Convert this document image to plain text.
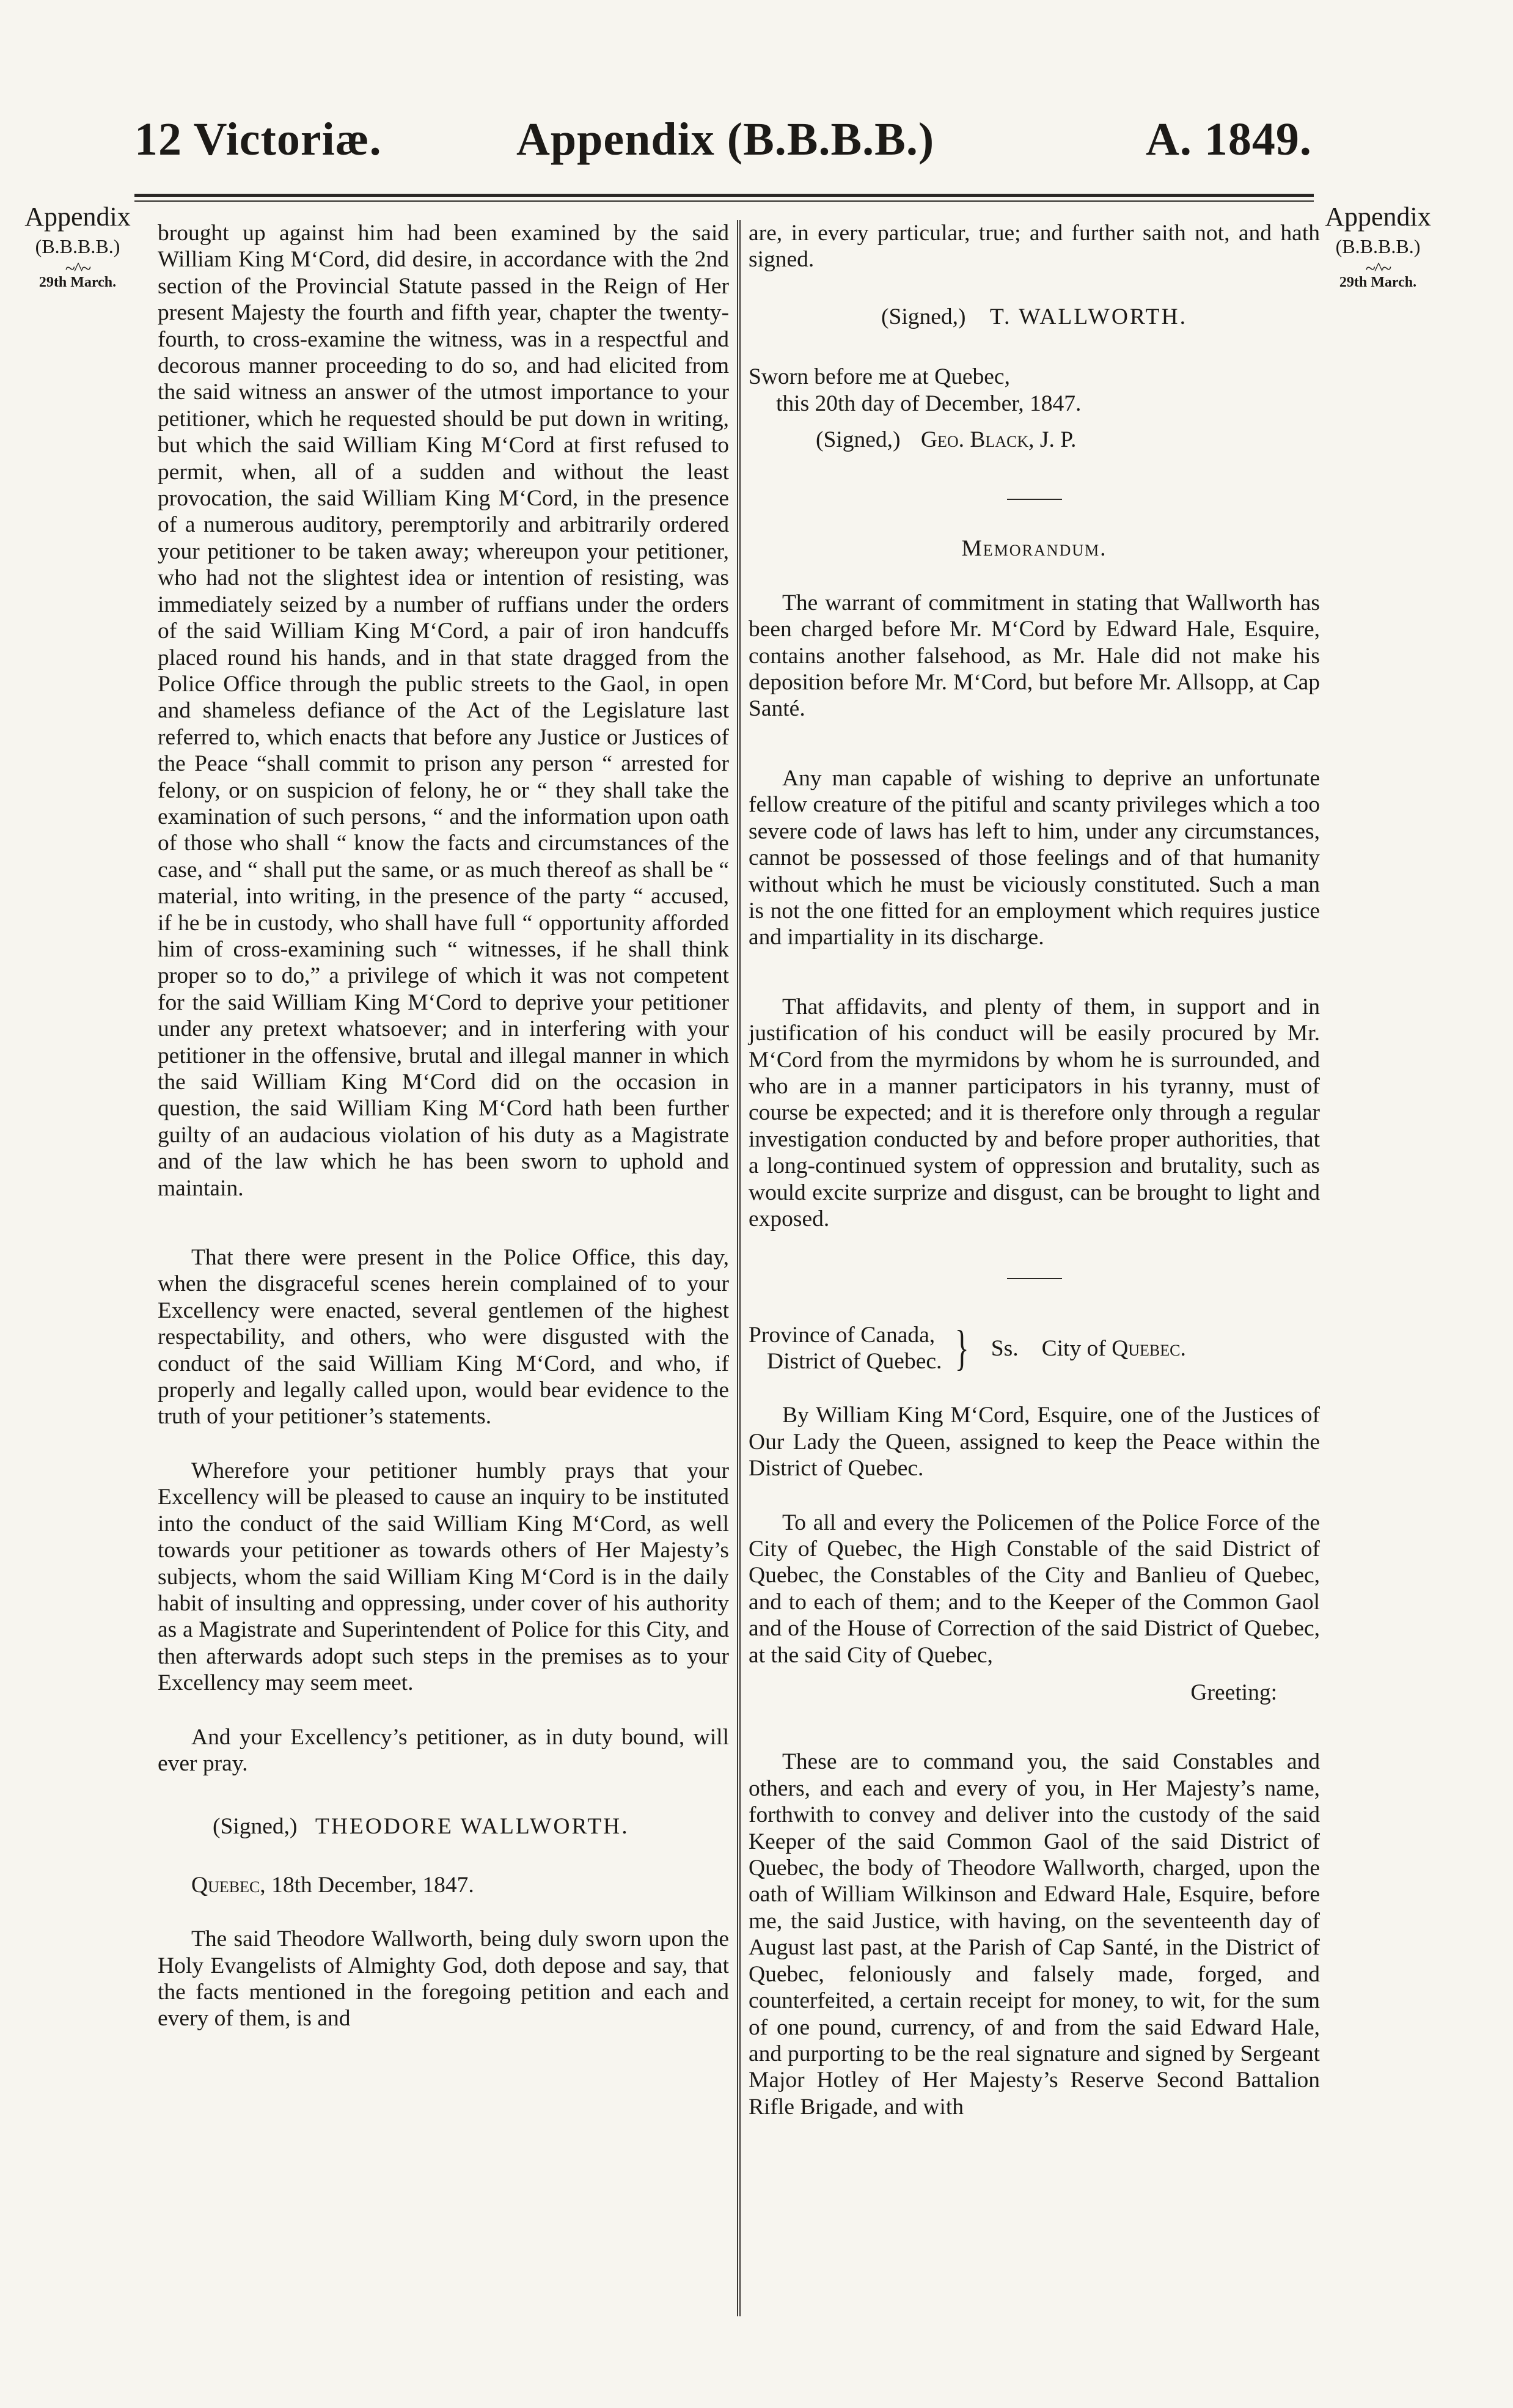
12 Victoriæ.	Appendix (B.B.B.B.)	A. 1849.
Appendix
(B.B.B.B.)
~^~
29th March.
Appendix
(B.B.B.B.)
~^~
29th March.

brought up against him had been examined by the said William King M‘Cord, did desire, in accordance with the 2nd section of the Provincial Statute passed in the Reign of Her present Majesty the fourth and fifth year, chapter the twenty-fourth, to cross-examine the witness, was in a respectful and decorous manner proceeding to do so, and had elicited from the said witness an answer of the utmost importance to your petitioner, which he requested should be put down in writing, but which the said William King M‘Cord at first refused to permit, when, all of a sudden and without the least provocation, the said William King M‘Cord, in the presence of a numerous auditory, peremptorily and arbitrarily ordered your petitioner to be taken away; whereupon your petitioner, who had not the slightest idea or intention of resisting, was immediately seized by a number of ruffians under the orders of the said William King M‘Cord, a pair of iron handcuffs placed round his hands, and in that state dragged from the Police Office through the public streets to the Gaol, in open and shameless defiance of the Act of the Legislature last referred to, which enacts that before any Justice or Justices of the Peace “shall commit to prison any person “ arrested for felony, or on suspicion of felony, he or “ they shall take the examination of such persons, “ and the information upon oath of those who shall “ know the facts and circumstances of the case, and “ shall put the same, or as much thereof as shall be “ material, into writing, in the presence of the party “ accused, if he be in custody, who shall have full “ opportunity afforded him of cross-examining such “ witnesses, if he shall think proper so to do,” a privilege of which it was not competent for the said William King M‘Cord to deprive your petitioner under any pretext whatsoever; and in interfering with your petitioner in the offensive, brutal and illegal manner in which the said William King M‘Cord did on the occasion in question, the said William King M‘Cord hath been further guilty of an audacious violation of his duty as a Magistrate and of the law which he has been sworn to uphold and maintain.

That there were present in the Police Office, this day, when the disgraceful scenes herein complained of to your Excellency were enacted, several gentlemen of the highest respectability, and others, who were disgusted with the conduct of the said William King M‘Cord, and who, if properly and legally called upon, would bear evidence to the truth of your petitioner’s statements.

Wherefore your petitioner humbly prays that your Excellency will be pleased to cause an inquiry to be instituted into the conduct of the said William King M‘Cord, as well towards your petitioner as towards others of Her Majesty’s subjects, whom the said William King M‘Cord is in the daily habit of insulting and oppressing, under cover of his authority as a Magistrate and Superintendent of Police for this City, and then afterwards adopt such steps in the premises as to your Excellency may seem meet.

And your Excellency’s petitioner, as in duty bound, will ever pray.

(Signed,) THEODORE WALLWORTH.

Quebec, 18th December, 1847.

The said Theodore Wallworth, being duly sworn upon the Holy Evangelists of Almighty God, doth depose and say, that the facts mentioned in the foregoing petition and each and every of them, is and

are, in every particular, true; and further saith not, and hath signed.

(Signed,) T. WALLWORTH.

Sworn before me at Quebec,

this 20th day of December, 1847.

(Signed,) Geo. Black, J. P.

Memorandum.

The warrant of commitment in stating that Wallworth has been charged before Mr. M‘Cord by Edward Hale, Esquire, contains another falsehood, as Mr. Hale did not make his deposition before Mr. M‘Cord, but before Mr. Allsopp, at Cap Santé.

Any man capable of wishing to deprive an unfortunate fellow creature of the pitiful and scanty privileges which a too severe code of laws has left to him, under any circumstances, cannot be possessed of those feelings and of that humanity without which he must be viciously constituted. Such a man is not the one fitted for an employment which requires justice and impartiality in its discharge.

That affidavits, and plenty of them, in support and in justification of his conduct will be easily procured by Mr. M‘Cord from the myrmidons by whom he is surrounded, and who are in a manner participators in his tyranny, must of course be expected; and it is therefore only through a regular investigation conducted by and before proper authorities, that a long-continued system of oppression and brutality, such as would excite surprize and disgust, can be brought to light and exposed.

Province of Canada,
District of Quebec. } Ss. City of Quebec.

By William King M‘Cord, Esquire, one of the Justices of Our Lady the Queen, assigned to keep the Peace within the District of Quebec.

To all and every the Policemen of the Police Force of the City of Quebec, the High Constable of the said District of Quebec, the Constables of the City and Banlieu of Quebec, and to each of them; and to the Keeper of the Common Gaol and of the House of Correction of the said District of Quebec, at the said City of Quebec,

Greeting:

These are to command you, the said Constables and others, and each and every of you, in Her Majesty’s name, forthwith to convey and deliver into the custody of the said Keeper of the said Common Gaol of the said District of Quebec, the body of Theodore Wallworth, charged, upon the oath of William Wilkinson and Edward Hale, Esquire, before me, the said Justice, with having, on the seventeenth day of August last past, at the Parish of Cap Santé, in the District of Quebec, feloniously and falsely made, forged, and counterfeited, a certain receipt for money, to wit, for the sum of one pound, currency, of and from the said Edward Hale, and purporting to be the real signature and signed by Sergeant Major Hotley of Her Majesty’s Reserve Second Battalion Rifle Brigade, and with
